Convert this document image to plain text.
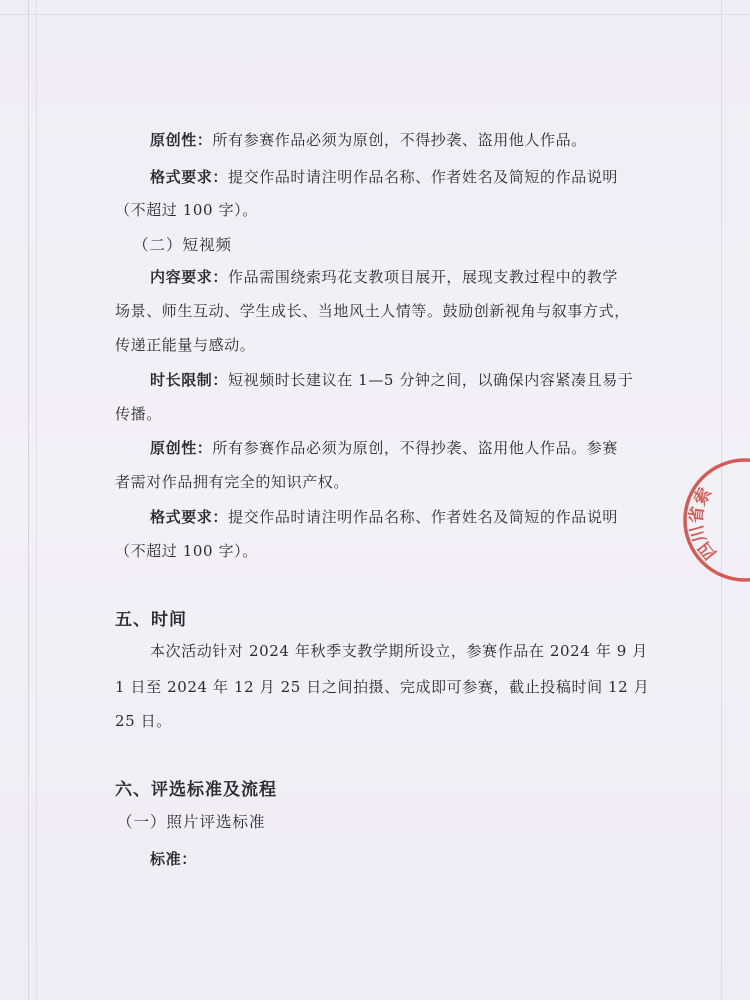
原创性：所有参赛作品必须为原创，不得抄袭、盗用他人作品。
格式要求：提交作品时请注明作品名称、作者姓名及简短的作品说明
（不超过 100 字）。
（二）短视频
内容要求：作品需围绕索玛花支教项目展开，展现支教过程中的教学
场景、师生互动、学生成长、当地风土人情等。鼓励创新视角与叙事方式，
传递正能量与感动。
时长限制：短视频时长建议在 1—5 分钟之间，以确保内容紧凑且易于
传播。
原创性：所有参赛作品必须为原创，不得抄袭、盗用他人作品。参赛
者需对作品拥有完全的知识产权。
格式要求：提交作品时请注明作品名称、作者姓名及简短的作品说明
（不超过 100 字）。
五、时间
本次活动针对 2024 年秋季支教学期所设立，参赛作品在 2024 年 9 月
1 日至 2024 年 12 月 25 日之间拍摄、完成即可参赛，截止投稿时间 12 月
25 日。
六、评选标准及流程
（一）照片评选标准
标准：
四川省索
